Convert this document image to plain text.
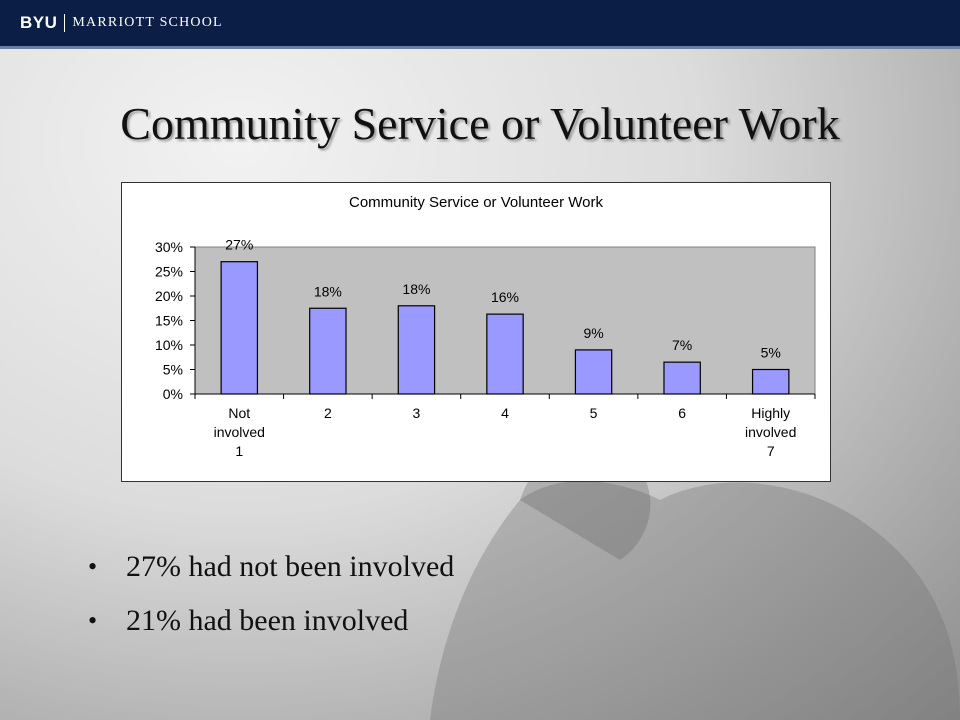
BYU MARRIOTT SCHOOL
Community Service or Volunteer Work
Community Service or Volunteer Work
0%
5%
10%
15%
20%
25%
30%	27%
Not
involved
1
18%
2
18%
3
16%
4
9%
5
7%
6
5%
Highly
involved
7
• 27% had not been involved
• 21% had been involved
